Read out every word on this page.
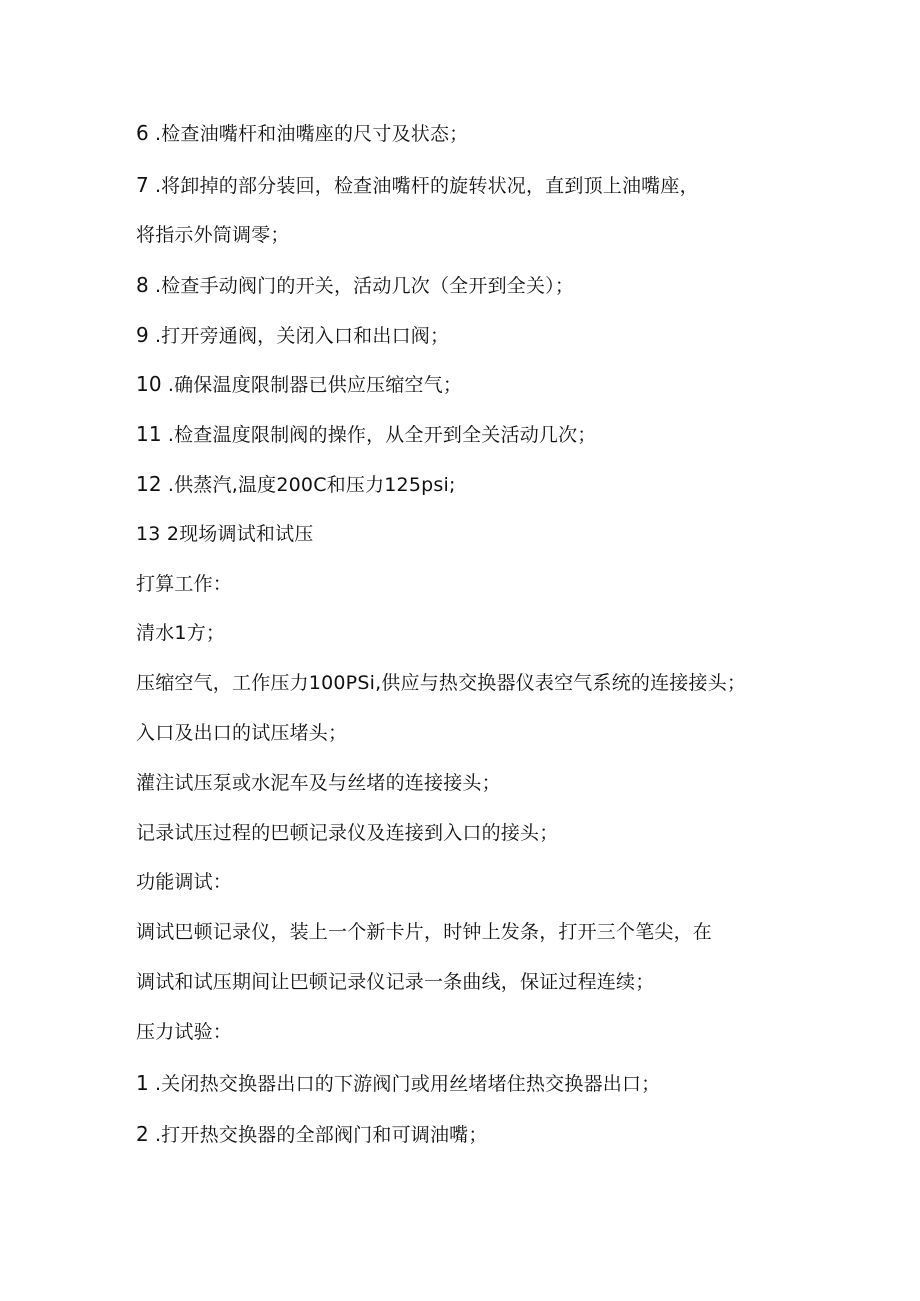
6 .检查油嘴杆和油嘴座的尺寸及状态；
7 .将卸掉的部分装回，检查油嘴杆的旋转状况，直到顶上油嘴座，
将指示外筒调零；
8 .检查手动阀门的开关，活动几次（全开到全关）；
9 .打开旁通阀，关闭入口和出口阀；
10 .确保温度限制器已供应压缩空气；
11 .检查温度限制阀的操作，从全开到全关活动几次；
12 .供蒸汽,温度200C和压力125psi;
13 2现场调试和试压
打算工作：
清水1方；
压缩空气，工作压力100PSi,供应与热交换器仪表空气系统的连接接头；
入口及出口的试压堵头；
灌注试压泵或水泥车及与丝堵的连接接头；
记录试压过程的巴顿记录仪及连接到入口的接头；
功能调试：
调试巴顿记录仪，装上一个新卡片，时钟上发条，打开三个笔尖，在
调试和试压期间让巴顿记录仪记录一条曲线，保证过程连续；
压力试验：
1 .关闭热交换器出口的下游阀门或用丝堵堵住热交换器出口；
2 .打开热交换器的全部阀门和可调油嘴；
